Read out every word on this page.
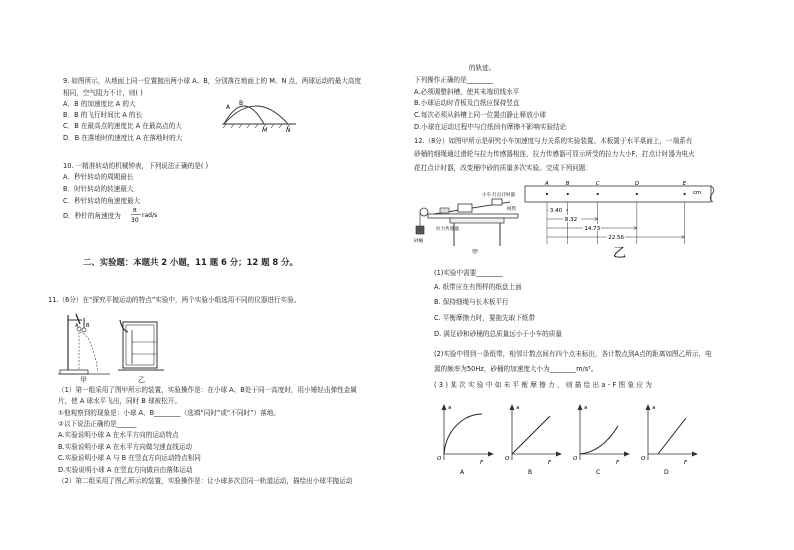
9. 如图所示，从地面上同一位置抛出两小球 A、B，分别落在地面上的 M、N 点，两球运动的最大高度
相同，空气阻力不计，则( )
A．B 的加速度比 A 的大
B．B 的飞行时间比 A 的长
C．B 在最高点的速度比 A 在最高点的大
D．B 在落地时的速度比 A 在落地时的大
A
B
M	N
10. 一精准转动的机械钟表，下列说法正确的是( )
A．秒针转动的周期最长
B．时针转动的转速最大
C．秒针转动的角速度最大
D．秒针的角速度为
π
30
rad/s
二、实验题：本题共 2 小题，11 题 6 分；12 题 8 分。
11.（6分）在“探究平抛运动的特点”实验中，两个实验小组选用不同的仪器进行实验。
A B
甲	乙
（1）第一组采用了图甲所示的装置，实验操作是：在小球 A、B处于同一高度时，用小锤轻击弹性金属
片，使 A 球水平飞出，同时 B 球被松开。
①他观察到的现象是：小球 A、B________（选填“同时”或“不同时”）落地。
②以下说法正确的是______
A.实验说明小球 A 在水平方向的运动特点
B.实验说明小球 A 在水平方向做匀速直线运动
C.实验说明小球 A 与 B 在竖直方向运动特点相同
D.实验说明小球 A 在竖直方向做自由落体运动
（2）第二组采用了图乙所示的装置，实验操作是：让小球多次沿同一轨道运动，描绘出小球平抛运动
的轨迹。
下列操作正确的是________
A.必须调整斜槽，使其末端切线水平
B.小球运动时背板及白纸应保持竖直
C.每次必须从斜槽上同一位置由静止释放小球
D.小球在运动过程中与白纸间有摩擦不影响实验结论
12.（8分）如图甲所示是研究小车加速度与力关系的实验装置。木板置于水平桌面上，一端系有
砂桶的细绳通过滑轮与拉力传感器相连，拉力传感器可显示所受的拉力大小F，打点计时器为电火
花打点计时器，改变桶中砂的质量多次实验。完成下列问题：
小车 打点计时器
纸带
拉力传感器
砂桶
甲
cm
乙
A	B	C	D	E
3.40
8.32
14.73
22.56
(1)实验中需要________
A. 纸带应在有图样的纸盘上面
B. 保持细绳与长木板平行
C. 平衡摩擦力时，要拖先取下纸带
D. 满足砂和砂桶的总质量远小于小车的质量
(2)实验中得到一条纸带，相邻计数点间有四个点未标出，各计数点到A点的距离如图乙所示，电
源的频率为50Hz，砂桶的加速度大小为________m/s²。
(3)某次实验中如未平衡摩擦力，则描绘出a-F图象应为
O
a
F
A
O
a
F
B
O
a
F
C
O
a
F
D
